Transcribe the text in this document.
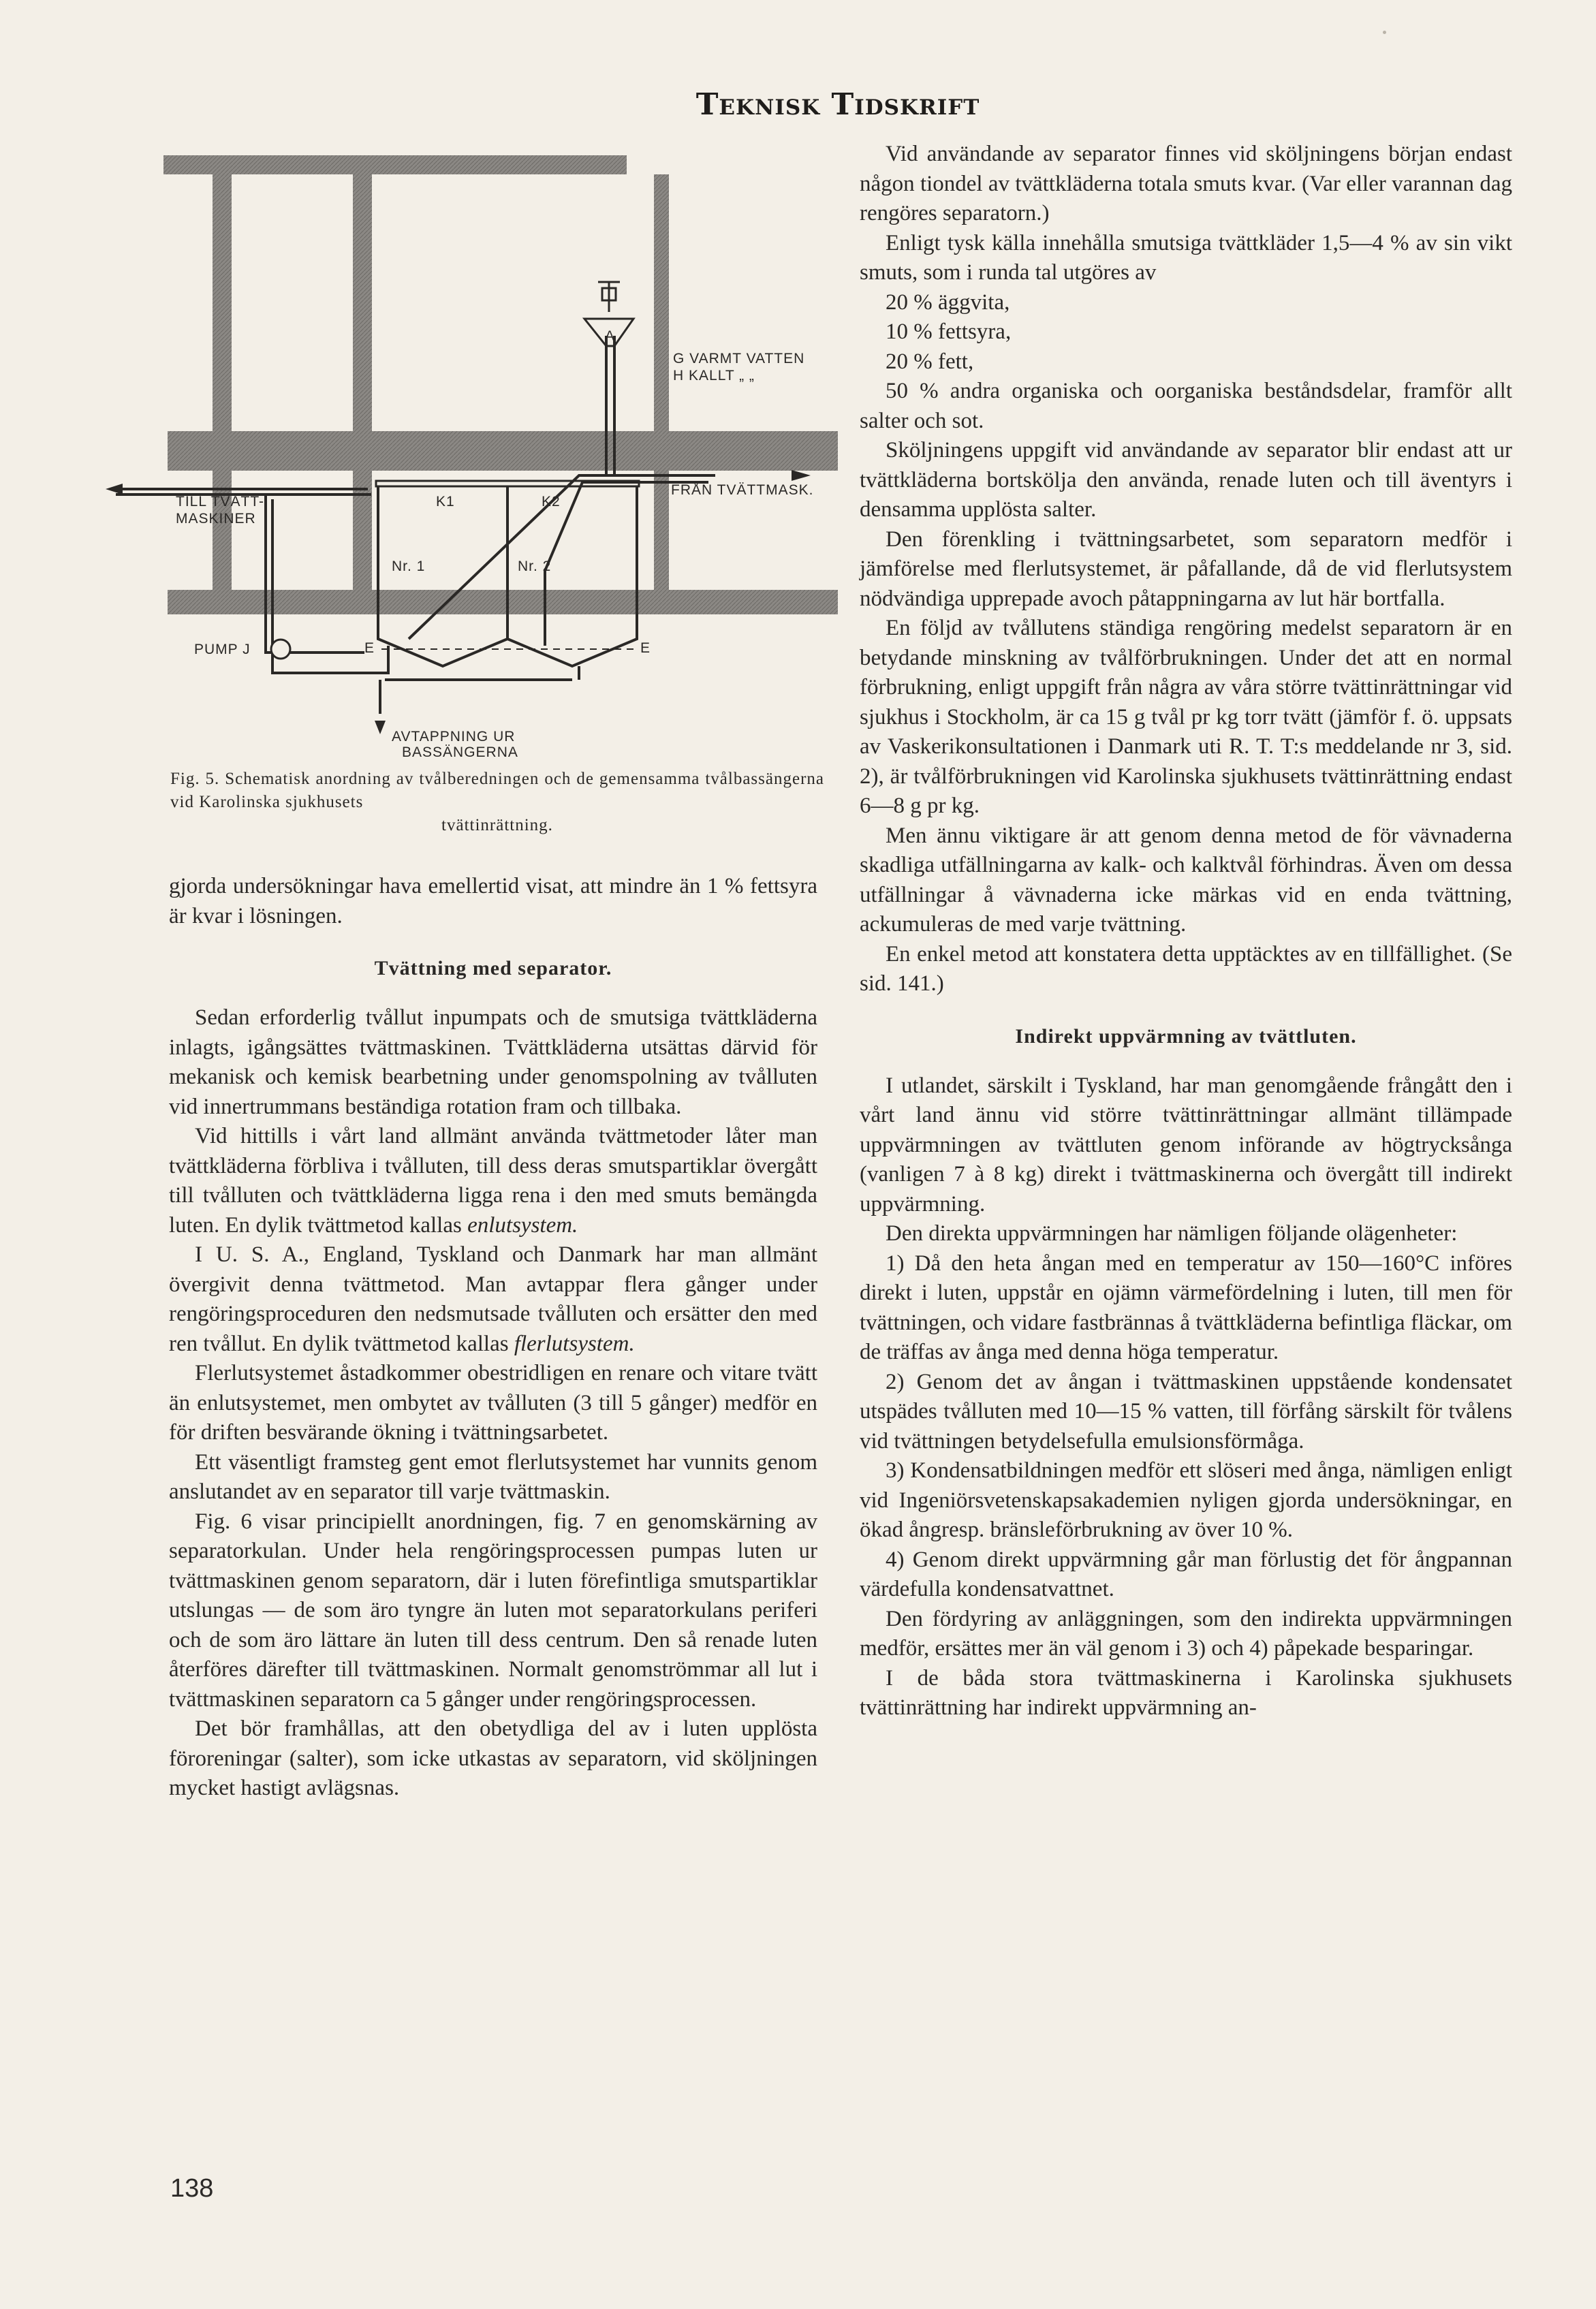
Teknisk Tidskrift
G VARMT VATTEN
H KALLT „ „
TILL TVÄTT-
MASKINER
FRÅN TVÄTTMASK.
PUMP J
K1	K2
Nr. 1	Nr. 2
A
E	E
AVTAPPNING UR
BASSÄNGERNA
Fig. 5. Schematisk anordning av tvålberedningen och de gemensamma tvålbassängerna vid Karolinska sjukhusets
tvättinrättning.

gjorda undersökningar hava emellertid visat, att mindre än 1 % fettsyra är kvar i lösningen.

Tvättning med separator.

Sedan erforderlig tvållut inpumpats och de smutsiga tvättkläderna inlagts, igångsättes tvättmaskinen. Tvättkläderna utsättas därvid för mekanisk och kemisk bearbetning under genomspolning av tvålluten vid innertrummans beständiga rotation fram och tillbaka.

Vid hittills i vårt land allmänt använda tvättmetoder låter man tvättkläderna förbliva i tvålluten, till dess deras smutspartiklar övergått till tvålluten och tvättkläderna ligga rena i den med smuts bemängda luten. En dylik tvättmetod kallas enlutsystem.

I U. S. A., England, Tyskland och Danmark har man allmänt övergivit denna tvättmetod. Man avtappar flera gånger under rengöringsproceduren den nedsmutsade tvålluten och ersätter den med ren tvållut. En dylik tvättmetod kallas flerlutsystem.

Flerlutsystemet åstadkommer obestridligen en renare och vitare tvätt än enlutsystemet, men ombytet av tvålluten (3 till 5 gånger) medför en för driften besvärande ökning i tvättningsarbetet.

Ett väsentligt framsteg gent emot flerlutsystemet har vunnits genom anslutandet av en separator till varje tvättmaskin.

Fig. 6 visar principiellt anordningen, fig. 7 en genomskärning av separatorkulan. Under hela rengöringsprocessen pumpas luten ur tvättmaskinen genom separatorn, där i luten förefintliga smutspartiklar utslungas — de som äro tyngre än luten mot separatorkulans periferi och de som äro lättare än luten till dess centrum. Den så renade luten återföres därefter till tvättmaskinen. Normalt genomströmmar all lut i tvättmaskinen separatorn ca 5 gånger under rengöringsprocessen.

Det bör framhållas, att den obetydliga del av i luten upplösta föroreningar (salter), som icke utkastas av separatorn, vid sköljningen mycket hastigt avlägsnas.

Vid användande av separator finnes vid sköljningens början endast någon tiondel av tvättkläderna totala smuts kvar. (Var eller varannan dag rengöres separatorn.)

Enligt tysk källa innehålla smutsiga tvättkläder 1,5—4 % av sin vikt smuts, som i runda tal utgöres av

20 % äggvita,

10 % fettsyra,

20 % fett,

50 % andra organiska och oorganiska beståndsdelar, framför allt salter och sot.

Sköljningens uppgift vid användande av separator blir endast att ur tvättkläderna bortskölja den använda, renade luten och till äventyrs i densamma upplösta salter.

Den förenkling i tvättningsarbetet, som separatorn medför i jämförelse med flerlutsystemet, är påfallande, då de vid flerlutsystem nödvändiga upprepade avoch påtappningarna av lut här bortfalla.

En följd av tvållutens ständiga rengöring medelst separatorn är en betydande minskning av tvålförbrukningen. Under det att en normal förbrukning, enligt uppgift från några av våra större tvättinrättningar vid sjukhus i Stockholm, är ca 15 g tvål pr kg torr tvätt (jämför f. ö. uppsats av Vaskerikonsultationen i Danmark uti R. T. T:s meddelande nr 3, sid. 2), är tvålförbrukningen vid Karolinska sjukhusets tvättinrättning endast 6—8 g pr kg.

Men ännu viktigare är att genom denna metod de för vävnaderna skadliga utfällningarna av kalk- och kalktvål förhindras. Även om dessa utfällningar å vävnaderna icke märkas vid en enda tvättning, ackumuleras de med varje tvättning.

En enkel metod att konstatera detta upptäcktes av en tillfällighet. (Se sid. 141.)

Indirekt uppvärmning av tvättluten.

I utlandet, särskilt i Tyskland, har man genomgående frångått den i vårt land ännu vid större tvättinrättningar allmänt tillämpade uppvärmningen av tvättluten genom införande av högtrycksånga (vanligen 7 à 8 kg) direkt i tvättmaskinerna och övergått till indirekt uppvärmning.

Den direkta uppvärmningen har nämligen följande olägenheter:

1) Då den heta ångan med en temperatur av 150—160°C införes direkt i luten, uppstår en ojämn värmefördelning i luten, till men för tvättningen, och vidare fastbrännas å tvättkläderna befintliga fläckar, om de träffas av ånga med denna höga temperatur.

2) Genom det av ångan i tvättmaskinen uppstående kondensatet utspädes tvålluten med 10—15 % vatten, till förfång särskilt för tvålens vid tvättningen betydelsefulla emulsionsförmåga.

3) Kondensatbildningen medför ett slöseri med ånga, nämligen enligt vid Ingeniörsvetenskapsakademien nyligen gjorda undersökningar, en ökad ångresp. bränsleförbrukning av över 10 %.

4) Genom direkt uppvärmning går man förlustig det för ångpannan värdefulla kondensatvattnet.

Den fördyring av anläggningen, som den indirekta uppvärmningen medför, ersättes mer än väl genom i 3) och 4) påpekade besparingar.

I de båda stora tvättmaskinerna i Karolinska sjukhusets tvättinrättning har indirekt uppvärmning an-

138
